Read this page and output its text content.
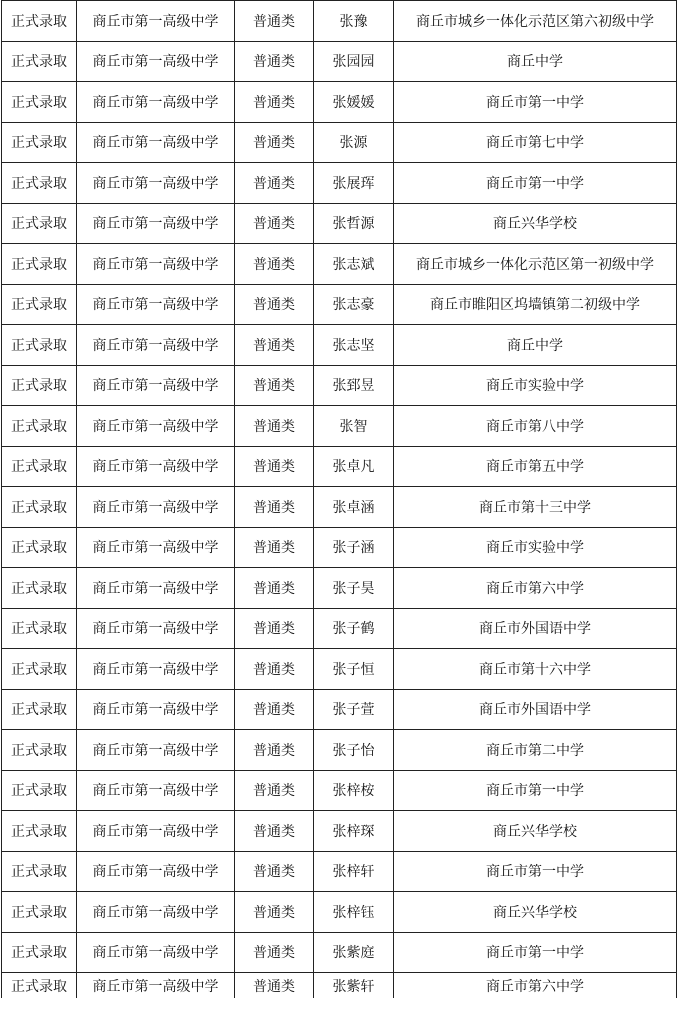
正式录取	商丘市第一高级中学	普通类	张豫	商丘市城乡一体化示范区第六初级中学
正式录取	商丘市第一高级中学	普通类	张园园	商丘中学
正式录取	商丘市第一高级中学	普通类	张媛媛	商丘市第一中学
正式录取	商丘市第一高级中学	普通类	张源	商丘市第七中学
正式录取	商丘市第一高级中学	普通类	张展珲	商丘市第一中学
正式录取	商丘市第一高级中学	普通类	张哲源	商丘兴华学校
正式录取	商丘市第一高级中学	普通类	张志斌	商丘市城乡一体化示范区第一初级中学
正式录取	商丘市第一高级中学	普通类	张志豪	商丘市睢阳区坞墙镇第二初级中学
正式录取	商丘市第一高级中学	普通类	张志坚	商丘中学
正式录取	商丘市第一高级中学	普通类	张郅昱	商丘市实验中学
正式录取	商丘市第一高级中学	普通类	张智	商丘市第八中学
正式录取	商丘市第一高级中学	普通类	张卓凡	商丘市第五中学
正式录取	商丘市第一高级中学	普通类	张卓涵	商丘市第十三中学
正式录取	商丘市第一高级中学	普通类	张子涵	商丘市实验中学
正式录取	商丘市第一高级中学	普通类	张子昊	商丘市第六中学
正式录取	商丘市第一高级中学	普通类	张子鹤	商丘市外国语中学
正式录取	商丘市第一高级中学	普通类	张子恒	商丘市第十六中学
正式录取	商丘市第一高级中学	普通类	张子萱	商丘市外国语中学
正式录取	商丘市第一高级中学	普通类	张子怡	商丘市第二中学
正式录取	商丘市第一高级中学	普通类	张梓桉	商丘市第一中学
正式录取	商丘市第一高级中学	普通类	张梓琛	商丘兴华学校
正式录取	商丘市第一高级中学	普通类	张梓轩	商丘市第一中学
正式录取	商丘市第一高级中学	普通类	张梓钰	商丘兴华学校
正式录取	商丘市第一高级中学	普通类	张紫庭	商丘市第一中学
正式录取	商丘市第一高级中学	普通类	张紫轩	商丘市第六中学
